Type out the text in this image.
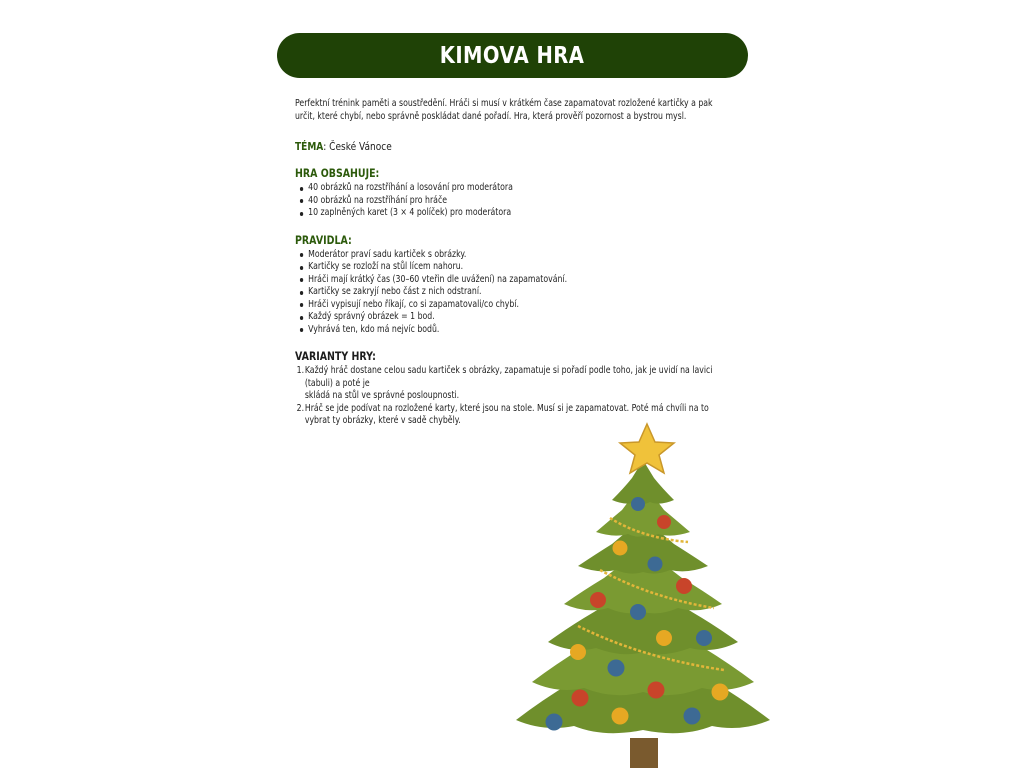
KIMOVA HRA

Perfektní trénink paměti a soustředění. Hráči si musí v krátkém čase zapamatovat rozložené kartičky a pak určit, které chybí, nebo správně poskládat dané pořadí. Hra, která prověří pozornost a bystrou mysl.

TÉMA: České Vánoce
HRA OBSAHUJE:
40 obrázků na rozstříhání a losování pro moderátora
40 obrázků na rozstříhání pro hráče
10 zaplněných karet (3 × 4 políček) pro moderátora
PRAVIDLA:
Moderátor praví sadu kartiček s obrázky.
Kartičky se rozloží na stůl lícem nahoru.
Hráči mají krátký čas (30–60 vteřin dle uvážení) na zapamatování.
Kartičky se zakryjí nebo část z nich odstraní.
Hráči vypisují nebo říkají, co si zapamatovali/co chybí.
Každý správný obrázek = 1 bod.
Vyhrává ten, kdo má nejvíc bodů.
VARIANTY HRY:
1. Každý hráč dostane celou sadu kartiček s obrázky, zapamatuje si pořadí podle toho, jak je uvidí na lavici (tabuli) a poté je
skládá na stůl ve správné posloupnosti.
2. Hráč se jde podívat na rozložené karty, které jsou na stole. Musí si je zapamatovat. Poté má chvíli na to
vybrat ty obrázky, které v sadě chyběly.
